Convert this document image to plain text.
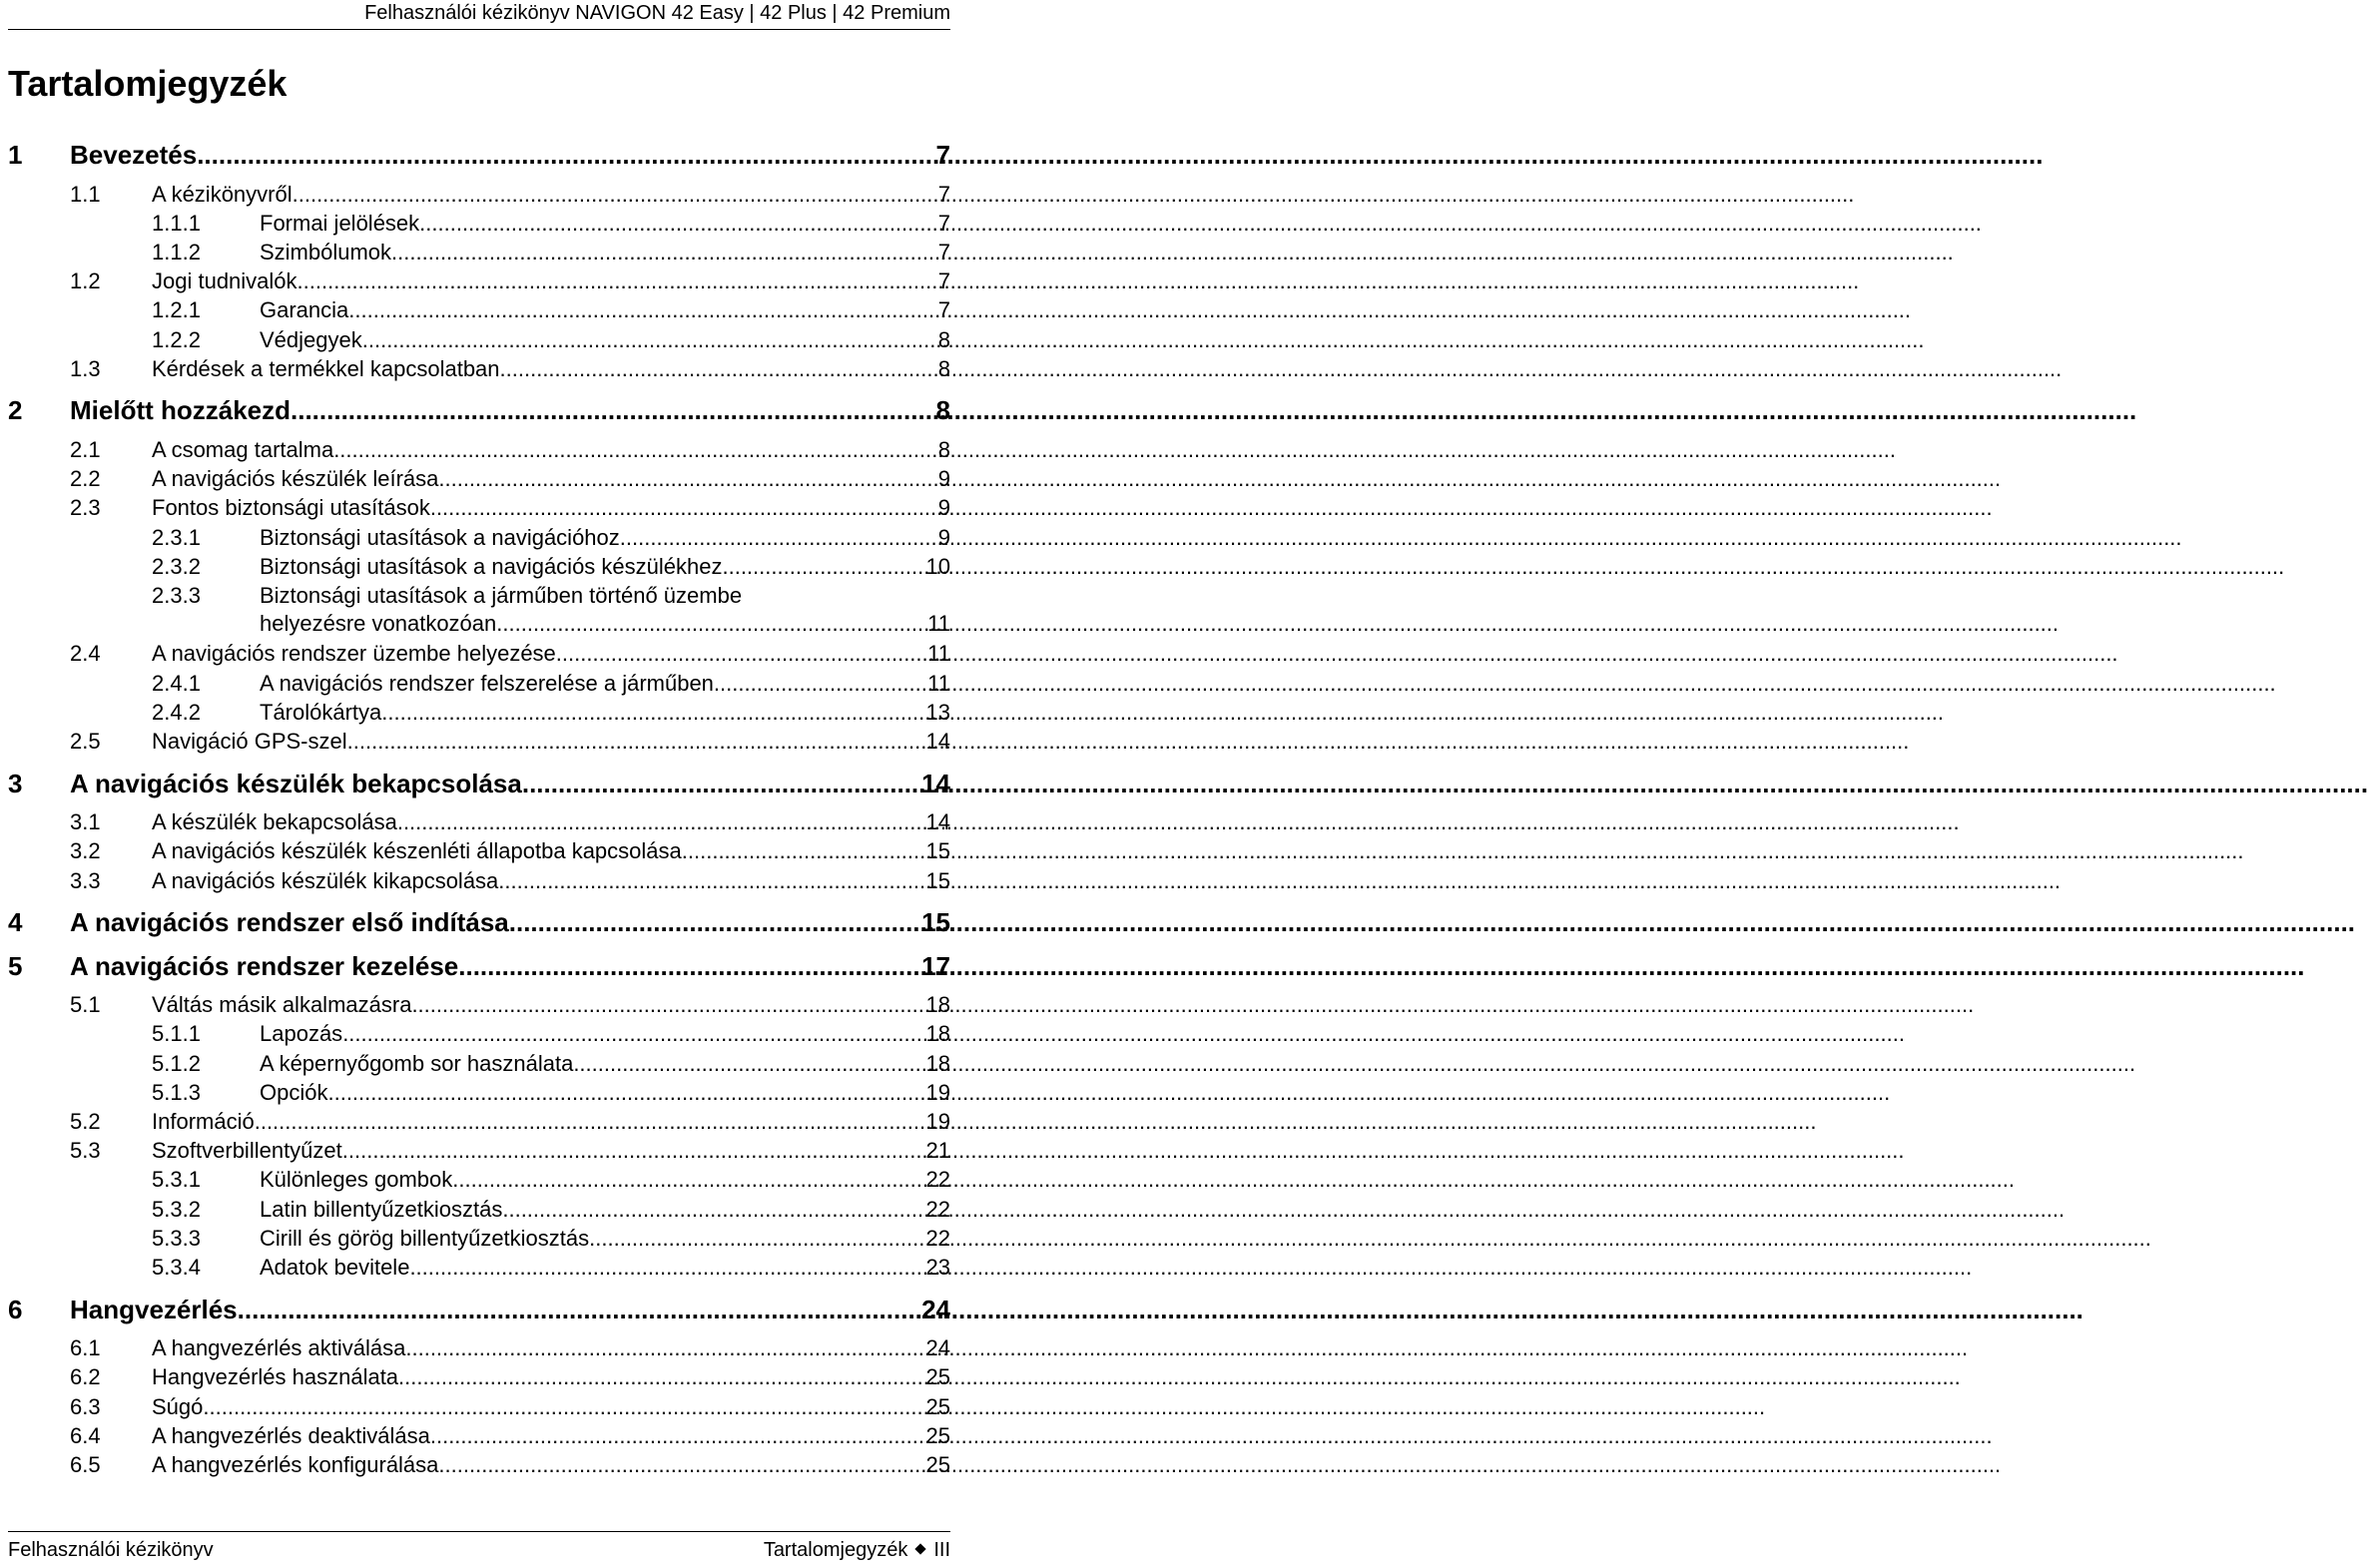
Felhasználói kézikönyv NAVIGON 42 Easy | 42 Plus | 42 Premium
Tartalomjegyzék
1 Bevezetés .....	7
1.1 A kézikönyvről .....	7
1.1.1	Formai jelölések .....	7
1.1.2	Szimbólumok .....	7
1.2 Jogi tudnivalók .....	7
1.2.1	Garancia .....	7
1.2.2	Védjegyek .....	8
1.3 Kérdések a termékkel kapcsolatban .....	8
2 Mielőtt hozzákezd .....	8
2.1 A csomag tartalma .....	8
2.2 A navigációs készülék leírása .....	9
2.3 Fontos biztonsági utasítások .....	9
2.3.1	Biztonsági utasítások a navigációhoz .....	9
2.3.2	Biztonsági utasítások a navigációs készülékhez .....	10
2.3.3	Biztonsági utasítások a járműben történő üzembe
helyezésre vonatkozóan .....	11
2.4 A navigációs rendszer üzembe helyezése .....	11
2.4.1	A navigációs rendszer felszerelése a járműben .....	11
2.4.2	Tárolókártya .....	13
2.5 Navigáció GPS-szel .....	14
3 A navigációs készülék bekapcsolása .....	14
3.1 A készülék bekapcsolása .....	14
3.2 A navigációs készülék készenléti állapotba kapcsolása .....	15
3.3 A navigációs készülék kikapcsolása .....	15
4 A navigációs rendszer első indítása .....	15
5 A navigációs rendszer kezelése .....	17
5.1 Váltás másik alkalmazásra .....	18
5.1.1	Lapozás .....	18
5.1.2	A képernyőgomb sor használata .....	18
5.1.3	Opciók .....	19
5.2 Információ .....	19
5.3 Szoftverbillentyűzet .....	21
5.3.1	Különleges gombok .....	22
5.3.2	Latin billentyűzetkiosztás .....	22
5.3.3	Cirill és görög billentyűzetkiosztás .....	22
5.3.4	Adatok bevitele .....	23
6 Hangvezérlés .....	24
6.1 A hangvezérlés aktiválása .....	24
6.2 Hangvezérlés használata .....	25
6.3 Súgó .....	25
6.4 A hangvezérlés deaktiválása .....	25
6.5 A hangvezérlés konfigurálása .....	25
Felhasználói kézikönyv	Tartalomjegyzék III
